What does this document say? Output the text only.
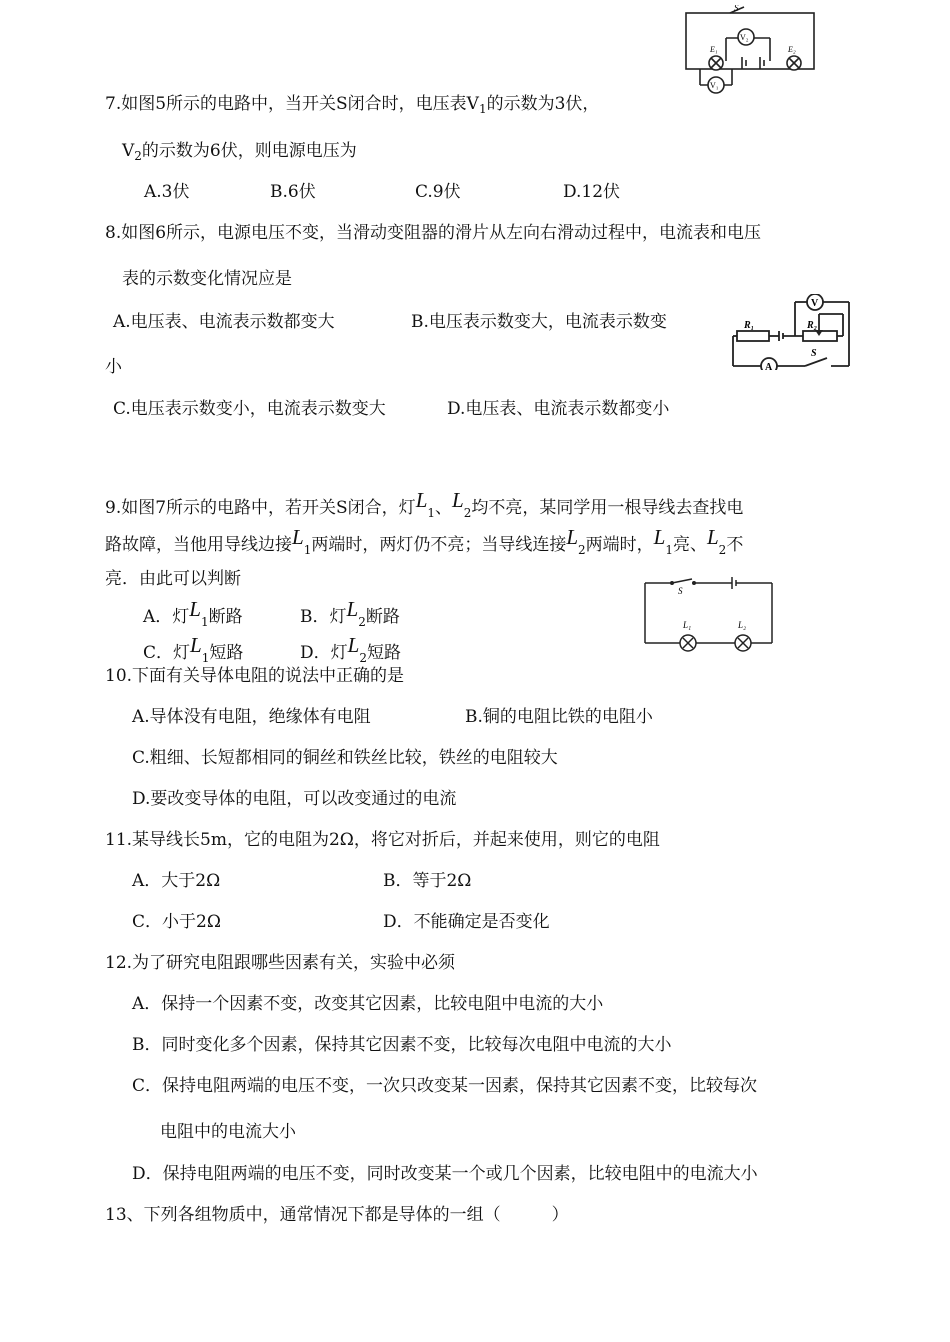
S
V₂
E₁	E₂
V₁
7.如图5所示的电路中，当开关S闭合时，电压表$V_1$的示数为3伏，
$V_2$的示数为6伏，则电源电压为
A.3伏	B.6伏	C.9伏	D.12伏
8.如图6所示，电源电压不变，当滑动变阻器的滑片从左向右滑动过程中，电流表和电压
表的示数变化情况应是
A.电压表、电流表示数都变大	B.电压表示数变大，电流表示数变
小
C.电压表示数变小，电流表示数变大	D.电压表、电流表示数都变小
V
R₁	R₂
A
S
9.如图7所示的电路中，若开关S闭合，灯$L_1$、$L_2$均不亮，某同学用一根导线去查找电
路故障，当他用导线边接$L_1$两端时，两灯仍不亮；当导线连接$L_2$两端时，$L_1$亮、$L_2$不
亮．由此可以判断
A．灯$L_1$断路	B．灯$L_2$断路
C．灯$L_1$短路	D．灯$L_2$短路
S
L₁	L₂
10.下面有关导体电阻的说法中正确的是
A.导体没有电阻，绝缘体有电阻	B.铜的电阻比铁的电阻小
C.粗细、长短都相同的铜丝和铁丝比较，铁丝的电阻较大
D.要改变导体的电阻，可以改变通过的电流
11.某导线长5m，它的电阻为2Ω，将它对折后，并起来使用，则它的电阻
A．大于2Ω	B．等于2Ω
C．小于2Ω	D．不能确定是否变化
12.为了研究电阻跟哪些因素有关，实验中必须
A．保持一个因素不变，改变其它因素，比较电阻中电流的大小
B．同时变化多个因素，保持其它因素不变，比较每次电阻中电流的大小
C．保持电阻两端的电压不变，一次只改变某一因素，保持其它因素不变，比较每次
电阻中的电流大小
D．保持电阻两端的电压不变，同时改变某一个或几个因素，比较电阻中的电流大小
13、下列各组物质中，通常情况下都是导体的一组（　　　）
